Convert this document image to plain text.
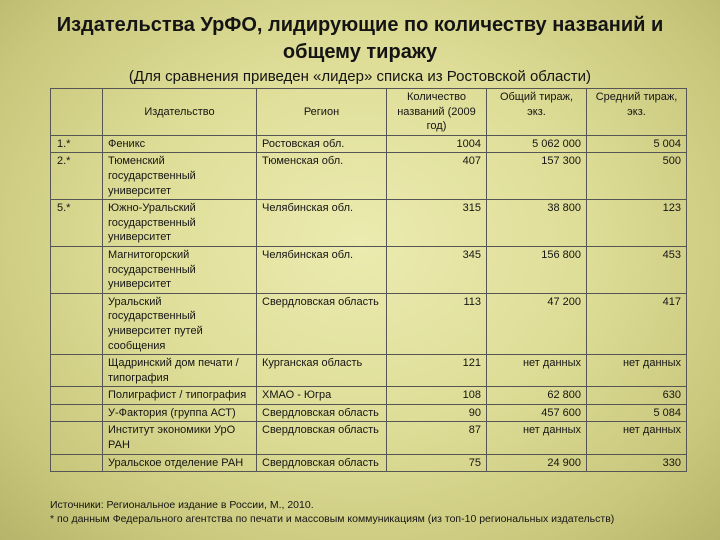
Издательства УрФО, лидирующие по количеству названий и
общему тиражу
(Для сравнения приведен «лидер» списка из Ростовской области)
	Издательство	Регион	Количество названий (2009 год)	Общий тираж, экз.	Средний тираж, экз.
1.*	Феникс	Ростовская обл.	1004	5 062 000	5 004
2.*	Тюменский государственный университет	Тюменская обл.	407	157 300	500
5.*	Южно-Уральский государственный университет	Челябинская обл.	315	38 800	123
	Магнитогорский государственный университет	Челябинская обл.	345	156 800	453
	Уральский государственный университет путей сообщения	Свердловская область	113	47 200	417
	Щадринский дом печати / типография	Курганская область	121	нет данных	нет данных
	Полиграфист / типография	ХМАО - Югра	108	62 800	630
	У-Фактория (группа АСТ)	Свердловская область	90	457 600	5 084
	Институт экономики УрО РАН	Свердловская область	87	нет данных	нет данных
	Уральское отделение РАН	Свердловская область	75	24 900	330
Источники: Региональное издание в России, М., 2010.
* по данным Федерального агентства по печати и массовым коммуникациям (из топ-10 региональных издательств)
